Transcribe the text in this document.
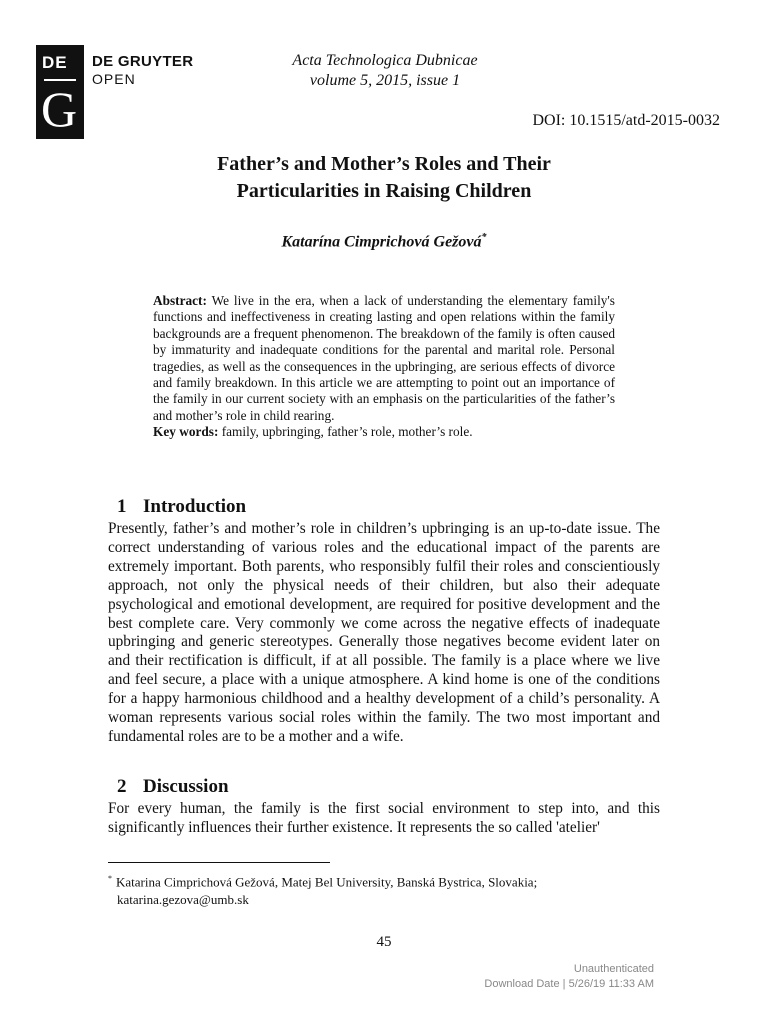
DE
G
DE GRUYTER
OPEN
Acta Technologica Dubnicae
volume 5, 2015, issue 1
DOI: 10.1515/atd-2015-0032
Father’s and Mother’s Roles and Their
Particularities in Raising Children
Katarína Cimprichová Gežová*

Abstract: We live in the era, when a lack of understanding the elementary family's functions and ineffectiveness in creating lasting and open relations within the family backgrounds are a frequent phenomenon. The breakdown of the family is often caused by immaturity and inadequate conditions for the parental and marital role. Personal tragedies, as well as the consequences in the upbringing, are serious effects of divorce and family breakdown. In this article we are attempting to point out an importance of the family in our current society with an emphasis on the particularities of the father’s and mother’s role in child rearing.

Key words: family, upbringing, father’s role, mother’s role.

1 Introduction

Presently, father’s and mother’s role in children’s upbringing is an up-to-date issue. The correct understanding of various roles and the educational impact of the parents are extremely important. Both parents, who responsibly fulfil their roles and conscientiously approach, not only the physical needs of their children, but also their adequate psychological and emotional development, are required for positive development and the best complete care. Very commonly we come across the negative effects of inadequate upbringing and generic stereotypes. Generally those negatives become evident later on and their rectification is difficult, if at all possible. The family is a place where we live and feel secure, a place with a unique atmosphere. A kind home is one of the conditions for a happy harmonious childhood and a healthy development of a child’s personality. A woman represents various social roles within the family. The two most important and fundamental roles are to be a mother and a wife.

2 Discussion

For every human, the family is the first social environment to step into, and this significantly influences their further existence. It represents the so called 'atelier'

* Katarina Cimprichová Gežová, Matej Bel University, Banská Bystrica, Slovakia;
katarina.gezova@umb.sk
45
Unauthenticated
Download Date | 5/26/19 11:33 AM
